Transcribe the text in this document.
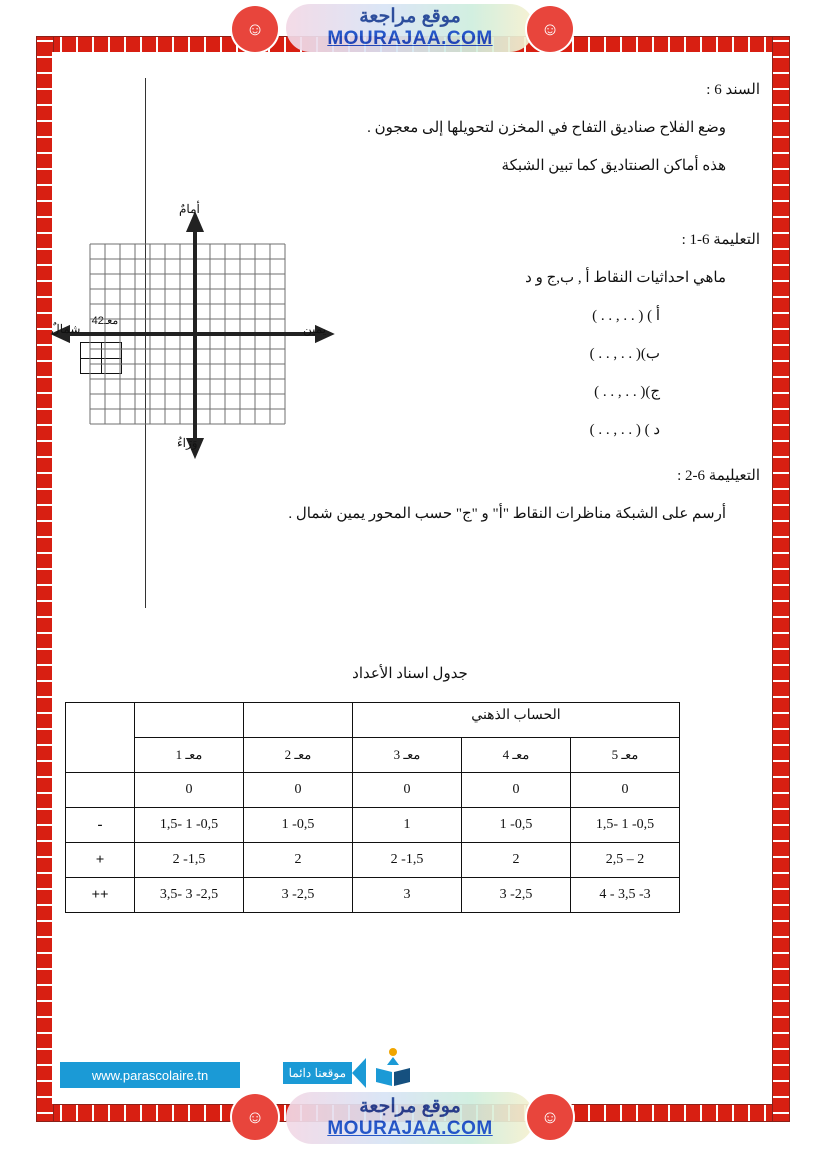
موقع مراجعة
MOURAJAA.COM
☺	☺
السند 6 :
وضع الفلاح صناديق التفاح في المخزن لتحويلها إلى معجون .
هذه أماكن الصنتاديق كما تبين الشبكة
التعليمة 6-1 :
ماهي احداثيات النقاط أ , ب,ج و د
أ ) ( . . , . . )
ب)( . . , . . )
ج)( . . , . . )
د ) ( . . , . . )
التعيليمة 6-2 :
أرسم على الشبكة مناظرات النقاط "أ" و "ج" حسب المحور يمين شمال .
معـ42
أمامٌ
وَرَاءُ
يمين
شمالٌ
جدول اسناد الأعداد
الحساب الذهني					
معـ 5	معـ 4	معـ 3	معـ 2	معـ 1	
0	0	0	0	0	
0,5- 1 -1,5	0,5- 1	1	0,5- 1	0,5- 1 -1,5	-
2 – 2,5	2	1,5- 2	2	1,5- 2	+
3- 3,5 - 4	2,5- 3	3	2,5- 3	2,5- 3 -3,5	++
www.parascolaire.tn	موقعنا دائما
موقع مراجعة
MOURAJAA.COM
☺	☺
